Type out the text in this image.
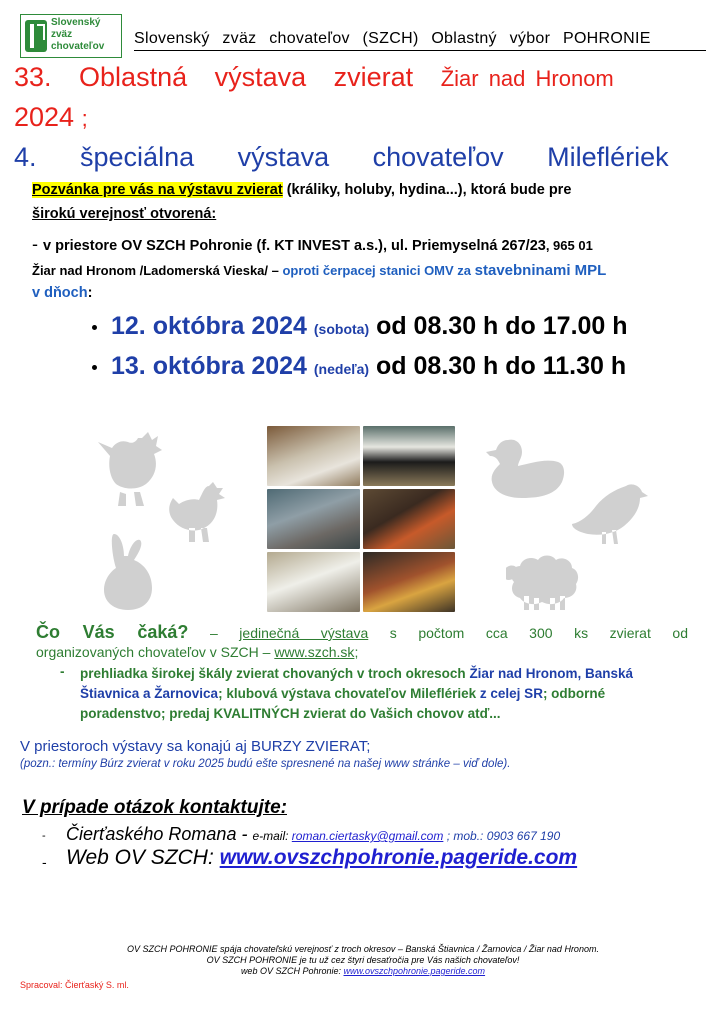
Slovenský
zväz
chovateľov Slovenský zväz chovateľov (SZCH) Oblastný výbor POHRONIE
33. Oblastná výstava zvierat Žiar nad Hronom
2024 ;
4. špeciálna výstava chovateľov Mileflériek
Pozvánka pre vás na výstavu zvierat (králiky, holuby, hydina...), ktorá bude pre
širokú verejnosť otvorená:
- v priestore OV SZCH Pohronie (f. KT INVEST a.s.), ul. Priemyselná 267/23, 965 01
Žiar nad Hronom /Ladomerská Vieska/ – oproti čerpacej stanici OMV za stavebninami MPL
v dňoch:
12. októbra 2024 (sobota) od 08.30 h do 17.00 h
13. októbra 2024 (nedeľa) od 08.30 h do 11.30 h
Čo Vás čaká? – jedinečná výstava s počtom cca 300 ks zvierat od
organizovaných chovateľov v SZCH – www.szch.sk;
- prehliadka širokej škály zvierat chovaných v troch okresoch Žiar nad Hronom, Banská
Štiavnica a Žarnovica; klubová výstava chovateľov Mileflériek z celej SR; odborné
poradenstvo; predaj KVALITNÝCH zvierat do Vašich chovov atď...
V priestoroch výstavy sa konajú aj BURZY ZVIERAT;
(pozn.: termíny Búrz zvierat v roku 2025 budú ešte spresnené na našej www stránke – viď dole).
V prípade otázok kontaktujte:
- Čierťaského Romana - e-mail: roman.ciertasky@gmail.com ; mob.: 0903 667 190
- Web OV SZCH: www.ovszchpohronie.pageride.com
OV SZCH POHRONIE spája chovateľskú verejnosť z troch okresov – Banská Štiavnica / Žarnovica / Žiar nad Hronom.
OV SZCH POHRONIE je tu už cez štyri desaťročia pre Vás našich chovateľov!
web OV SZCH Pohronie: www.ovszchpohronie.pageride.com
Spracoval: Čierťaský S. ml.
